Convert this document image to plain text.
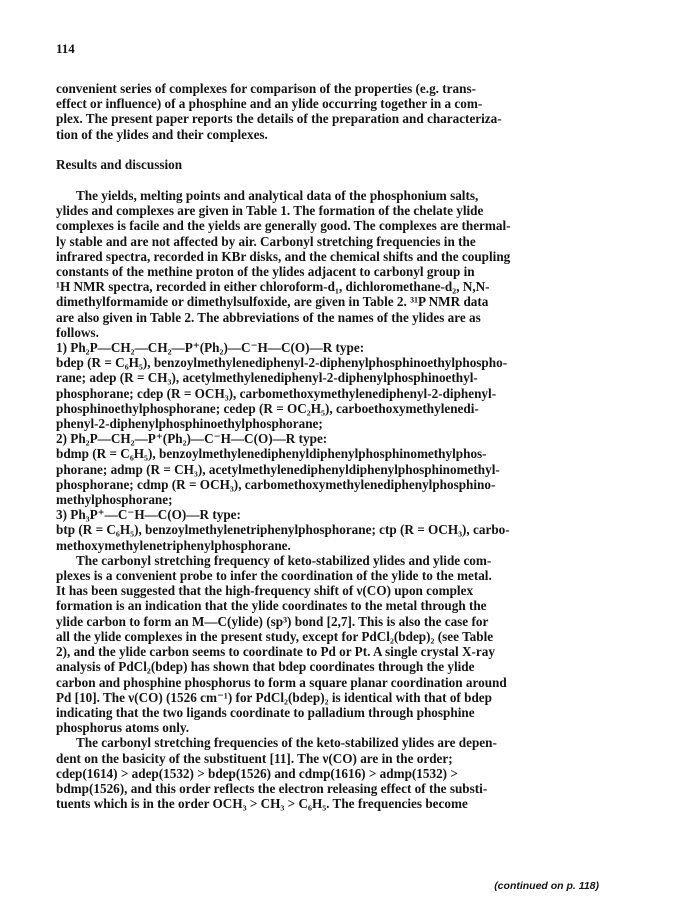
114
convenient series of complexes for comparison of the properties (e.g. trans-
effect or influence) of a phosphine and an ylide occurring together in a com-
plex. The present paper reports the details of the preparation and characteriza-
tion of the ylides and their complexes.
Results and discussion
The yields, melting points and analytical data of the phosphonium salts,
ylides and complexes are given in Table 1. The formation of the chelate ylide
complexes is facile and the yields are generally good. The complexes are thermal-
ly stable and are not affected by air. Carbonyl stretching frequencies in the
infrared spectra, recorded in KBr disks, and the chemical shifts and the coupling
constants of the methine proton of the ylides adjacent to carbonyl group in
¹H NMR spectra, recorded in either chloroform-d₁, dichloromethane-d₂, N,N-
dimethylformamide or dimethylsulfoxide, are given in Table 2. ³¹P NMR data
are also given in Table 2. The abbreviations of the names of the ylides are as
follows.
1) Ph₂P—CH₂—CH₂—P⁺(Ph₂)—C⁻H—C(O)—R type:
bdep (R = C₆H₅), benzoylmethylenediphenyl-2-diphenylphosphinoethylphospho-
rane; adep (R = CH₃), acetylmethylenediphenyl-2-diphenylphosphinoethyl-
phosphorane; cdep (R = OCH₃), carbomethoxymethylenediphenyl-2-diphenyl-
phosphinoethylphosphorane; cedep (R = OC₂H₅), carboethoxymethylenedi-
phenyl-2-diphenylphosphinoethylphosphorane;
2) Ph₂P—CH₂—P⁺(Ph₂)—C⁻H—C(O)—R type:
bdmp (R = C₆H₅), benzoylmethylenediphenyldiphenylphosphinomethylphos-
phorane; admp (R = CH₃), acetylmethylenediphenyldiphenylphosphinomethyl-
phosphorane; cdmp (R = OCH₃), carbomethoxymethylenediphenylphosphino-
methylphosphorane;
3) Ph₃P⁺—C⁻H—C(O)—R type:
btp (R = C₆H₅), benzoylmethylenetriphenylphosphorane; ctp (R = OCH₃), carbo-
methoxymethylenetriphenylphosphorane.
The carbonyl stretching frequency of keto-stabilized ylides and ylide com-
plexes is a convenient probe to infer the coordination of the ylide to the metal.
It has been suggested that the high-frequency shift of ν(CO) upon complex
formation is an indication that the ylide coordinates to the metal through the
ylide carbon to form an M—C(ylide) (sp³) bond [2,7]. This is also the case for
all the ylide complexes in the present study, except for PdCl₂(bdep)₂ (see Table
2), and the ylide carbon seems to coordinate to Pd or Pt. A single crystal X-ray
analysis of PdCl₂(bdep) has shown that bdep coordinates through the ylide
carbon and phosphine phosphorus to form a square planar coordination around
Pd [10]. The ν(CO) (1526 cm⁻¹) for PdCl₂(bdep)₂ is identical with that of bdep
indicating that the two ligands coordinate to palladium through phosphine
phosphorus atoms only.
The carbonyl stretching frequencies of the keto-stabilized ylides are depen-
dent on the basicity of the substituent [11]. The ν(CO) are in the order;
cdep(1614) > adep(1532) > bdep(1526) and cdmp(1616) > admp(1532) >
bdmp(1526), and this order reflects the electron releasing effect of the substi-
tuents which is in the order OCH₃ > CH₃ > C₆H₅. The frequencies become
(continued on p. 118)
